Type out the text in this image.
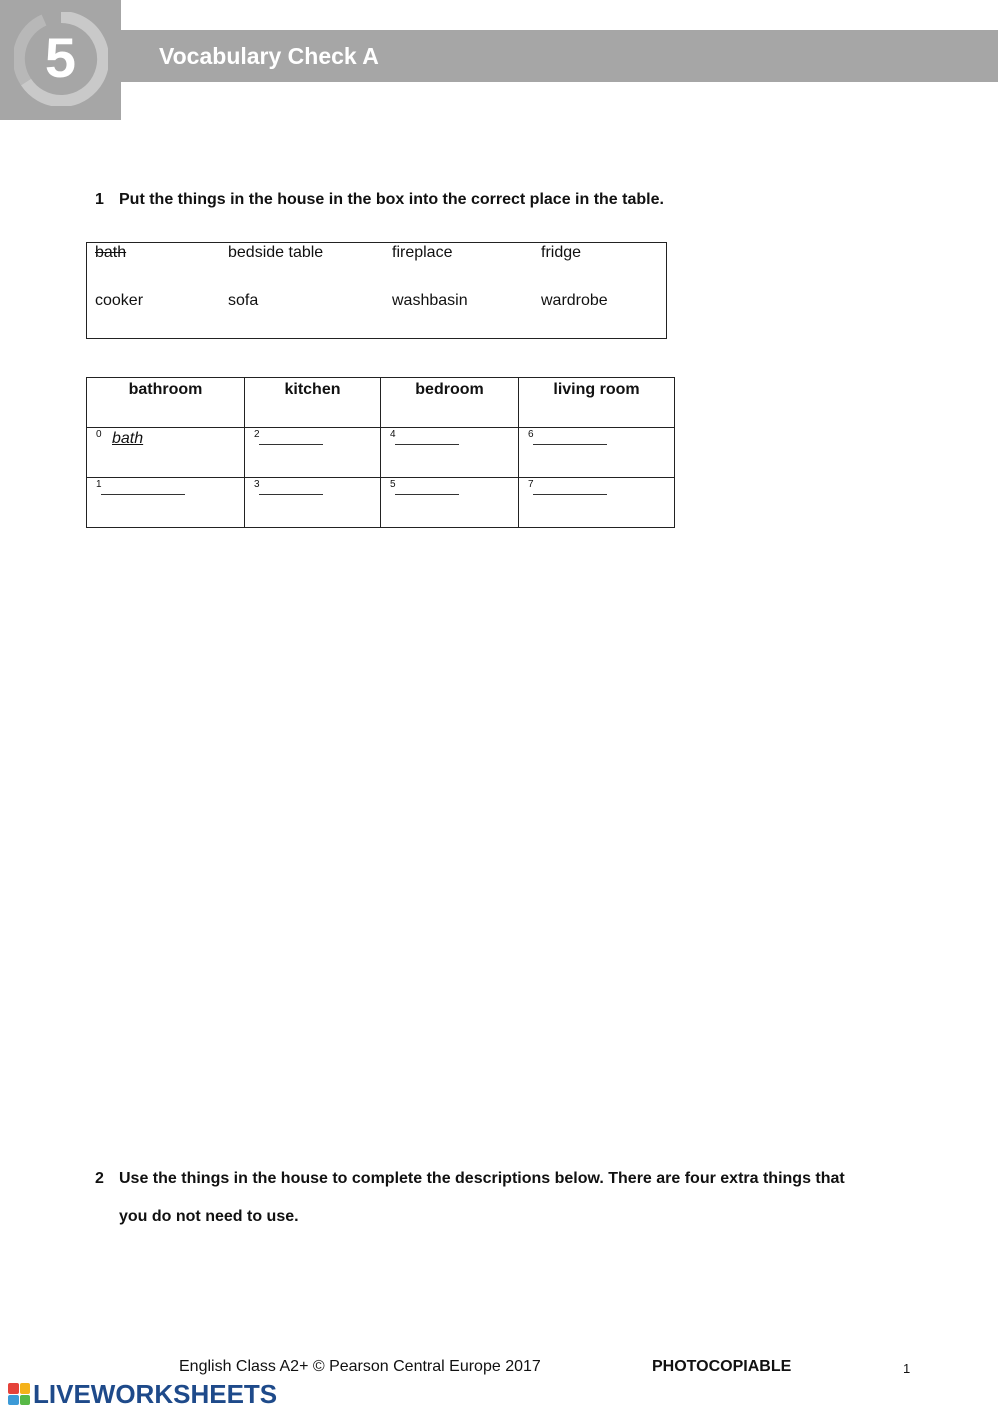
5	Vocabulary Check A
1 Put the things in the house in the box into the correct place in the table.
bath	bedside table	fireplace	fridge
cooker	sofa	washbasin	wardrobe
bathroom	kitchen	bedroom	living room

0 bath	2	4	6

1	3	5	7
2 Use the things in the house to complete the descriptions below. There are four extra things that
you do not need to use.
English Class A2+ © Pearson Central Europe 2017	PHOTOCOPIABLE	1
LIVEWORKSHEETS
